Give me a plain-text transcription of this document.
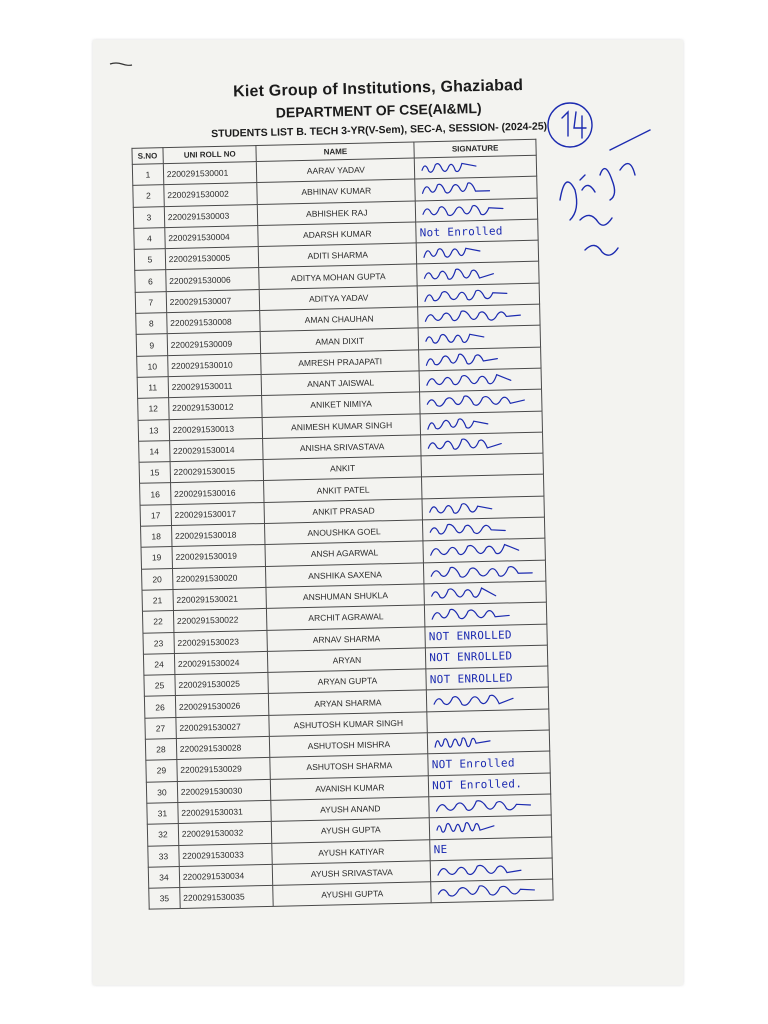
Kiet Group of Institutions, Ghaziabad
DEPARTMENT OF CSE(AI&ML)
STUDENTS LIST B. TECH 3-YR(V-Sem), SEC-A, SESSION- (2024-25)
S.NO	UNI ROLL NO	NAME	SIGNATURE
1	2200291530001	AARAV YADAV	

2	2200291530002	ABHINAV KUMAR	

3	2200291530003	ABHISHEK RAJ	

4	2200291530004	ADARSH KUMAR	Not Enrolled
5	2200291530005	ADITI SHARMA	

6	2200291530006	ADITYA MOHAN GUPTA	

7	2200291530007	ADITYA YADAV	

8	2200291530008	AMAN CHAUHAN	

9	2200291530009	AMAN DIXIT	

10	2200291530010	AMRESH PRAJAPATI	

11	2200291530011	ANANT JAISWAL	

12	2200291530012	ANIKET NIMIYA	

13	2200291530013	ANIMESH KUMAR SINGH	

14	2200291530014	ANISHA SRIVASTAVA	

15	2200291530015	ANKIT	
16	2200291530016	ANKIT PATEL	
17	2200291530017	ANKIT PRASAD	

18	2200291530018	ANOUSHKA GOEL	

19	2200291530019	ANSH AGARWAL	

20	2200291530020	ANSHIKA SAXENA	

21	2200291530021	ANSHUMAN SHUKLA	

22	2200291530022	ARCHIT AGRAWAL	

23	2200291530023	ARNAV SHARMA	NOT ENROLLED
24	2200291530024	ARYAN	NOT ENROLLED
25	2200291530025	ARYAN GUPTA	NOT ENROLLED
26	2200291530026	ARYAN SHARMA	

27	2200291530027	ASHUTOSH KUMAR SINGH	
28	2200291530028	ASHUTOSH MISHRA	

29	2200291530029	ASHUTOSH SHARMA	NOT Enrolled
30	2200291530030	AVANISH KUMAR	NOT Enrolled.
31	2200291530031	AYUSH ANAND	

32	2200291530032	AYUSH GUPTA	

33	2200291530033	AYUSH KATIYAR	NE
34	2200291530034	AYUSH SRIVASTAVA	

35	2200291530035	AYUSHI GUPTA	
